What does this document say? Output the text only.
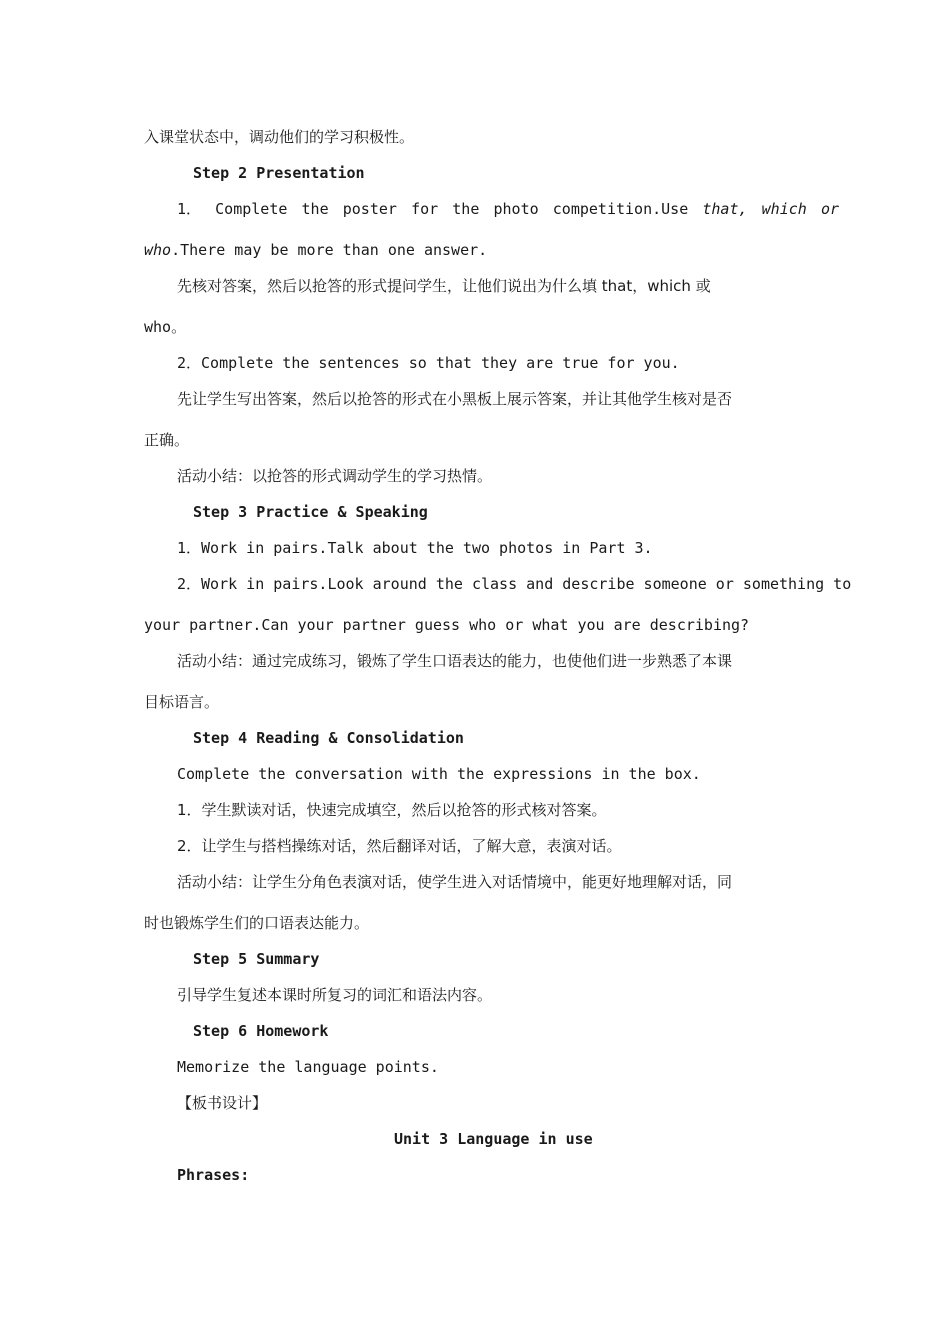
入课堂状态中，调动他们的学习积极性。
Step 2 Presentation
1． Complete the poster for the photo competition.Use that, which or
who.There may be more than one answer.
先核对答案，然后以抢答的形式提问学生，让他们说出为什么填 that，which 或
who。
2．Complete the sentences so that they are true for you.
先让学生写出答案，然后以抢答的形式在小黑板上展示答案，并让其他学生核对是否
正确。
活动小结：以抢答的形式调动学生的学习热情。
Step 3 Practice & Speaking
1．Work in pairs.Talk about the two photos in Part 3.
2．Work in pairs.Look around the class and describe someone or something to
your partner.Can your partner guess who or what you are describing?
活动小结：通过完成练习，锻炼了学生口语表达的能力，也使他们进一步熟悉了本课
目标语言。
Step 4 Reading & Consolidation
Complete the conversation with the expressions in the box.
1．学生默读对话，快速完成填空，然后以抢答的形式核对答案。
2．让学生与搭档操练对话，然后翻译对话，了解大意，表演对话。
活动小结：让学生分角色表演对话，使学生进入对话情境中，能更好地理解对话，同
时也锻炼学生们的口语表达能力。
Step 5 Summary
引导学生复述本课时所复习的词汇和语法内容。
Step 6 Homework
Memorize the language points.
【板书设计】
Unit 3 Language in use
Phrases:
